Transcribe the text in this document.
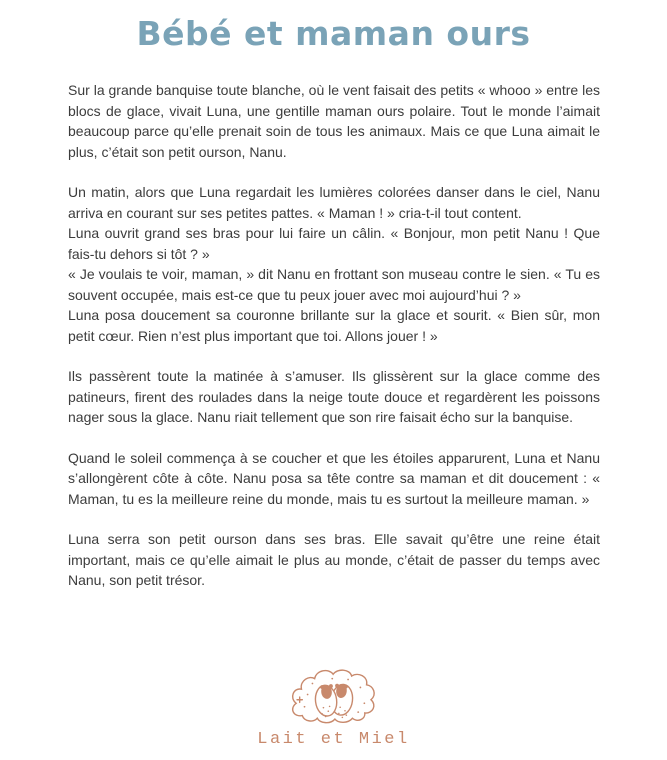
Bébé et maman ours

Sur la grande banquise toute blanche, où le vent faisait des petits « whooo » entre les blocs de glace, vivait Luna, une gentille maman ours polaire. Tout le monde l’aimait beaucoup parce qu’elle prenait soin de tous les animaux. Mais ce que Luna aimait le plus, c’était son petit ourson, Nanu.

Un matin, alors que Luna regardait les lumières colorées danser dans le ciel, Nanu arriva en courant sur ses petites pattes. « Maman ! » cria-t-il tout content.

Luna ouvrit grand ses bras pour lui faire un câlin. « Bonjour, mon petit Nanu ! Que fais-tu dehors si tôt ? »

« Je voulais te voir, maman, » dit Nanu en frottant son museau contre le sien. « Tu es souvent occupée, mais est-ce que tu peux jouer avec moi aujourd’hui ? »

Luna posa doucement sa couronne brillante sur la glace et sourit. « Bien sûr, mon petit cœur. Rien n’est plus important que toi. Allons jouer ! »

Ils passèrent toute la matinée à s’amuser. Ils glissèrent sur la glace comme des patineurs, firent des roulades dans la neige toute douce et regardèrent les poissons nager sous la glace. Nanu riait tellement que son rire faisait écho sur la banquise.

Quand le soleil commença à se coucher et que les étoiles apparurent, Luna et Nanu s’allongèrent côte à côte. Nanu posa sa tête contre sa maman et dit doucement : « Maman, tu es la meilleure reine du monde, mais tu es surtout la meilleure maman. »

Luna serra son petit ourson dans ses bras. Elle savait qu’être une reine était important, mais ce qu’elle aimait le plus au monde, c’était de passer du temps avec Nanu, son petit trésor.

Lait et Miel
